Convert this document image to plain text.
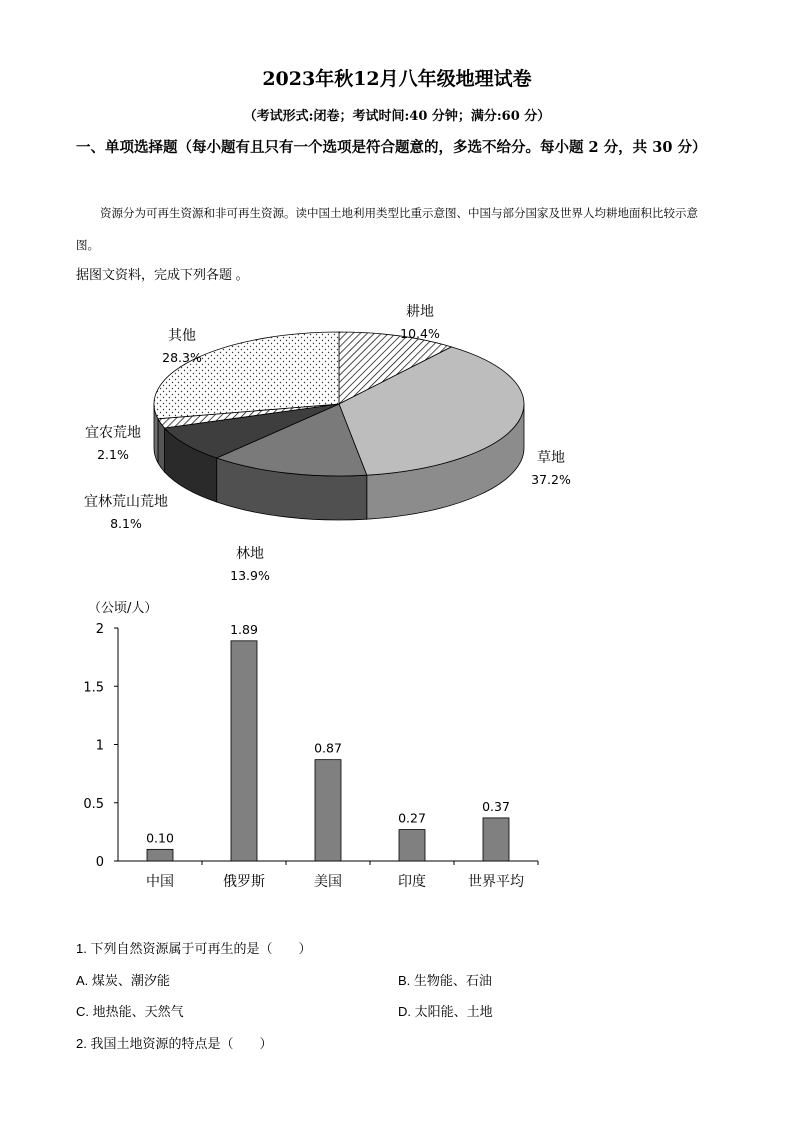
2023年秋12月八年级地理试卷
（考试形式:闭卷；考试时间:40 分钟；满分:60 分）
一、单项选择题（每小题有且只有一个选项是符合题意的，多选不给分。每小题 2 分，共 30 分）
资源分为可再生资源和非可再生资源。读中国土地利用类型比重示意图、中国与部分国家及世界人均耕地面积比较示意图。
据图文资料，完成下列各题 。
耕地
10.4%
草地
37.2%
林地
13.9%
宜林荒山荒地
8.1%
宜农荒地
2.1%
其他
28.3%
（公顷/人）
0
0.5
1
1.5
2
0.10
中国
1.89
俄罗斯
0.87
美国
0.27
印度
0.37
世界平均
1. 下列自然资源属于可再生的是（　　）
A. 煤炭、潮汐能	B. 生物能、石油
C. 地热能、天然气	D. 太阳能、土地
2. 我国土地资源的特点是（　　）
